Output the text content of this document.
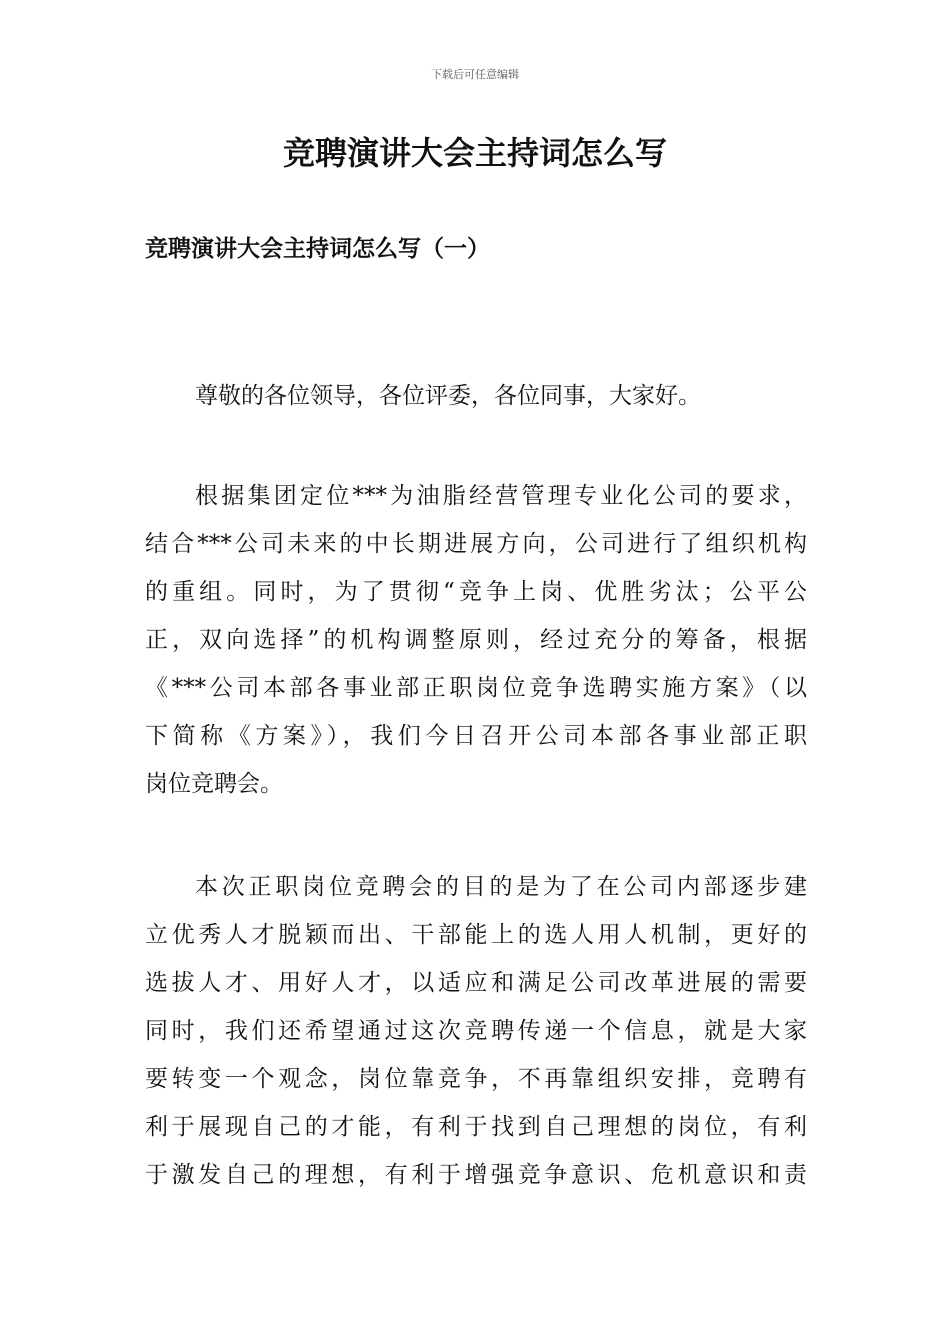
下载后可任意编辑
竞聘演讲大会主持词怎么写
竞聘演讲大会主持词怎么写（一）
尊敬的各位领导，各位评委，各位同事，大家好。
根据集团定位***为油脂经营管理专业化公司的要求，
结合***公司未来的中长期进展方向，公司进行了组织机构
的重组。同时，为了贯彻“竞争上岗、优胜劣汰；公平公
正，双向选择”的机构调整原则，经过充分的筹备，根据
《***公司本部各事业部正职岗位竞争选聘实施方案》（以
下简称《方案》），我们今日召开公司本部各事业部正职
岗位竞聘会。
本次正职岗位竞聘会的目的是为了在公司内部逐步建
立优秀人才脱颖而出、干部能上的选人用人机制，更好的
选拔人才、用好人才，以适应和满足公司改革进展的需要
同时，我们还希望通过这次竞聘传递一个信息，就是大家
要转变一个观念，岗位靠竞争，不再靠组织安排，竞聘有
利于展现自己的才能，有利于找到自己理想的岗位，有利
于激发自己的理想，有利于增强竞争意识、危机意识和责
